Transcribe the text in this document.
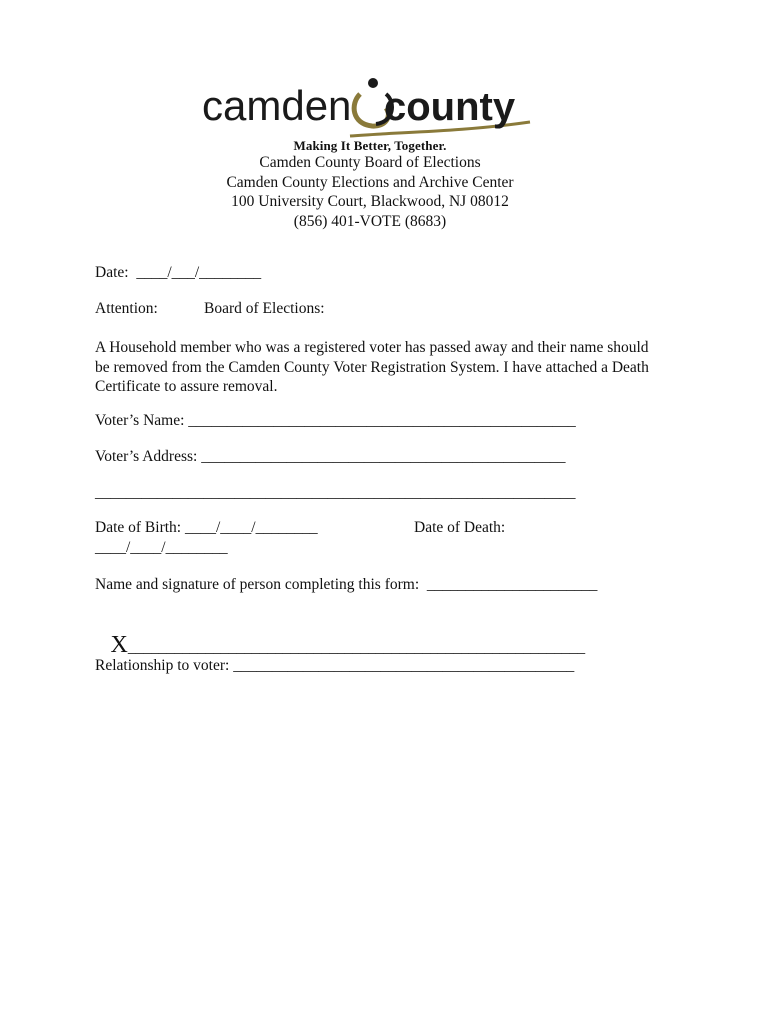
camden county
Making It Better, Together.
Camden County Board of Elections
Camden County Elections and Archive Center
100 University Court, Blackwood, NJ 08012
(856) 401-VOTE (8683)
Date:  ____/___/________
Attention:	Board of Elections:
A Household member who was a registered voter has passed away and their name should be removed from the Camden County Voter Registration System. I have attached a Death Certificate to assure removal.
Voter’s Name: __________________________________________________
Voter’s Address: _______________________________________________
______________________________________________________________
Date of Birth: ____/____/________	Date of Death:
____/____/________
Name and signature of person completing this form:  ______________________

X___________________________________________________________

Relationship to voter: ____________________________________________
